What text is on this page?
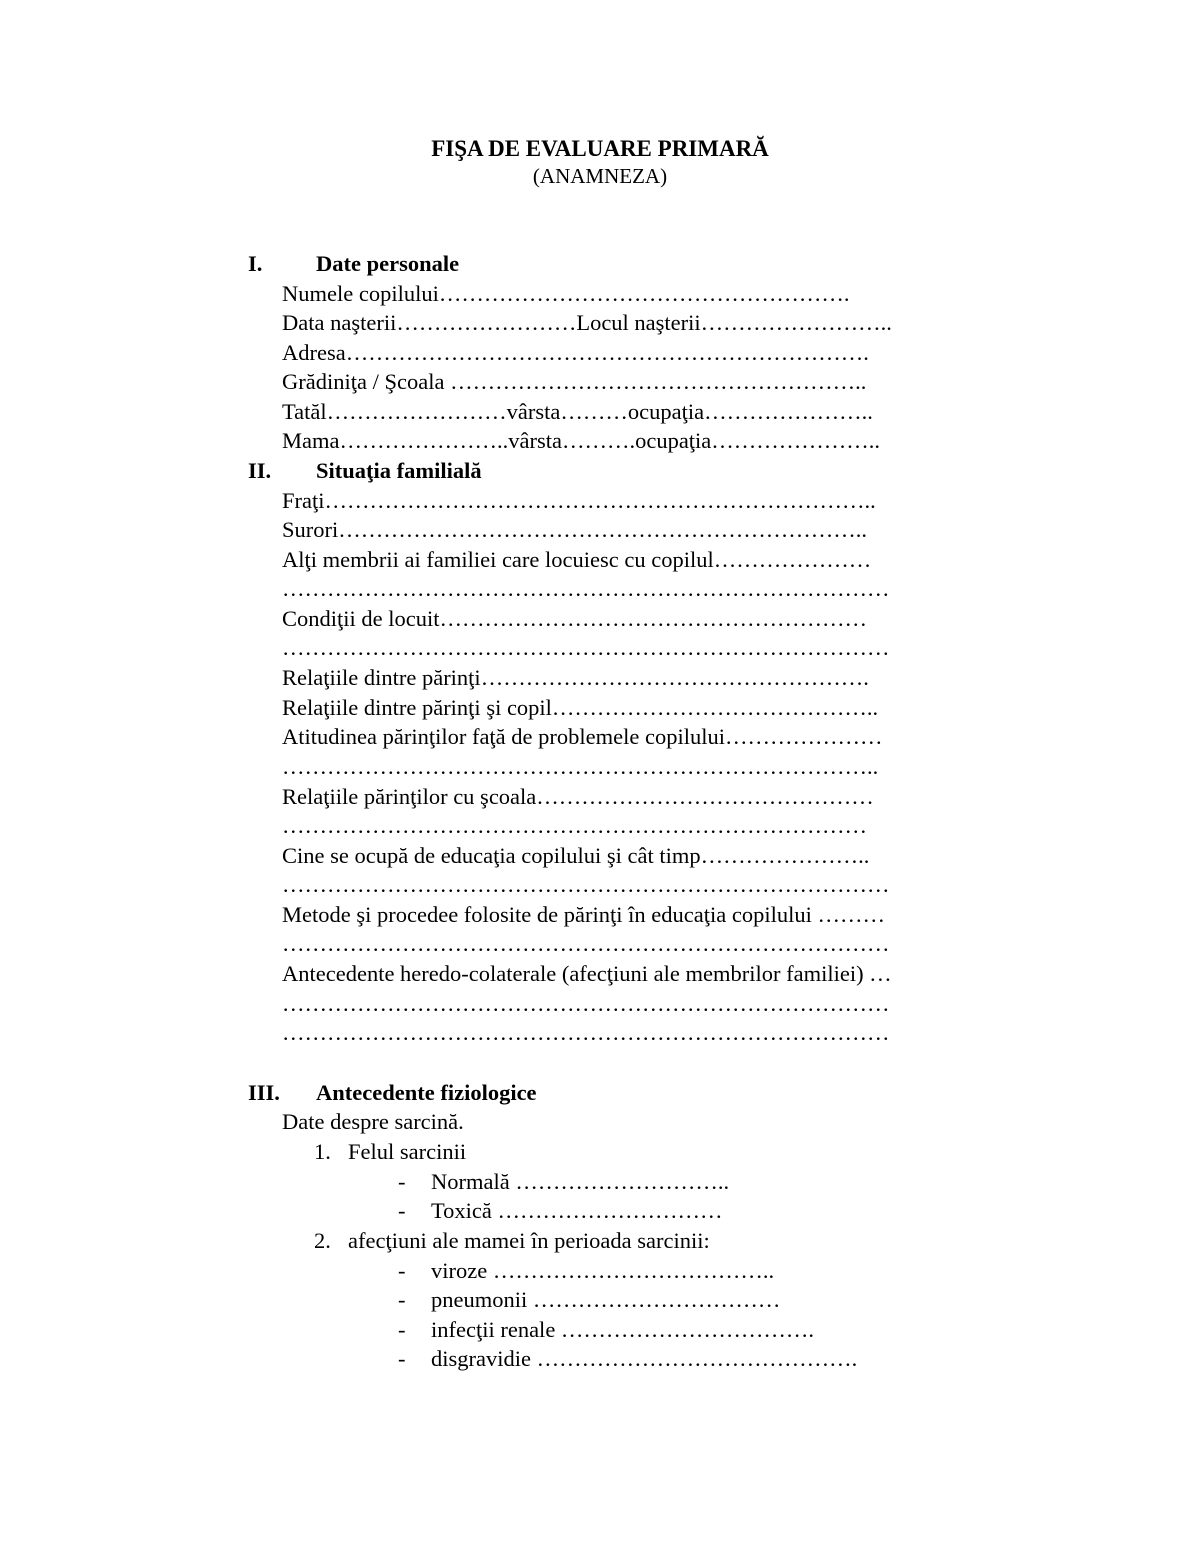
FIŞA DE EVALUARE PRIMARĂ
(ANAMNEZA)
I. Date personale
Numele copilului……………………………………………….
Data naşterii……………………Locul naşterii……………………..
Adresa…………………………………………………………….
Grădiniţa / Şcoala ………………………………………………..
Tatăl……………………vârsta………ocupaţia…………………..
Mama…………………..vârsta……….ocupaţia…………………..
II. Situaţia familială
Fraţi………………………………………………………………..
Surori……………………………………………………………..
Alţi membrii ai familiei care locuiesc cu copilul…………………
………………………………………………………………………
Condiţii de locuit…………………………………………………
………………………………………………………………………
Relaţiile dintre părinţi…………………………………………….
Relaţiile dintre părinţi şi copil……………………………………..
Atitudinea părinţilor faţă de problemele copilului…………………
……………………………………………………………………..
Relaţiile părinţilor cu şcoala………………………………………
……………………………………………………………………
Cine se ocupă de educaţia copilului şi cât timp…………………..
………………………………………………………………………
Metode şi procedee folosite de părinţi în educaţia copilului ………
………………………………………………………………………
Antecedente heredo-colaterale (afecţiuni ale membrilor familiei) …
………………………………………………………………………
………………………………………………………………………
III. Antecedente fiziologice
Date despre sarcină.
1. Felul sarcinii
- Normală ………………………..
- Toxică …………………………
2. afecţiuni ale mamei în perioada sarcinii:
- viroze ………………………………..
- pneumonii ……………………………
- infecţii renale …………………………….
- disgravidie …………………………………….
